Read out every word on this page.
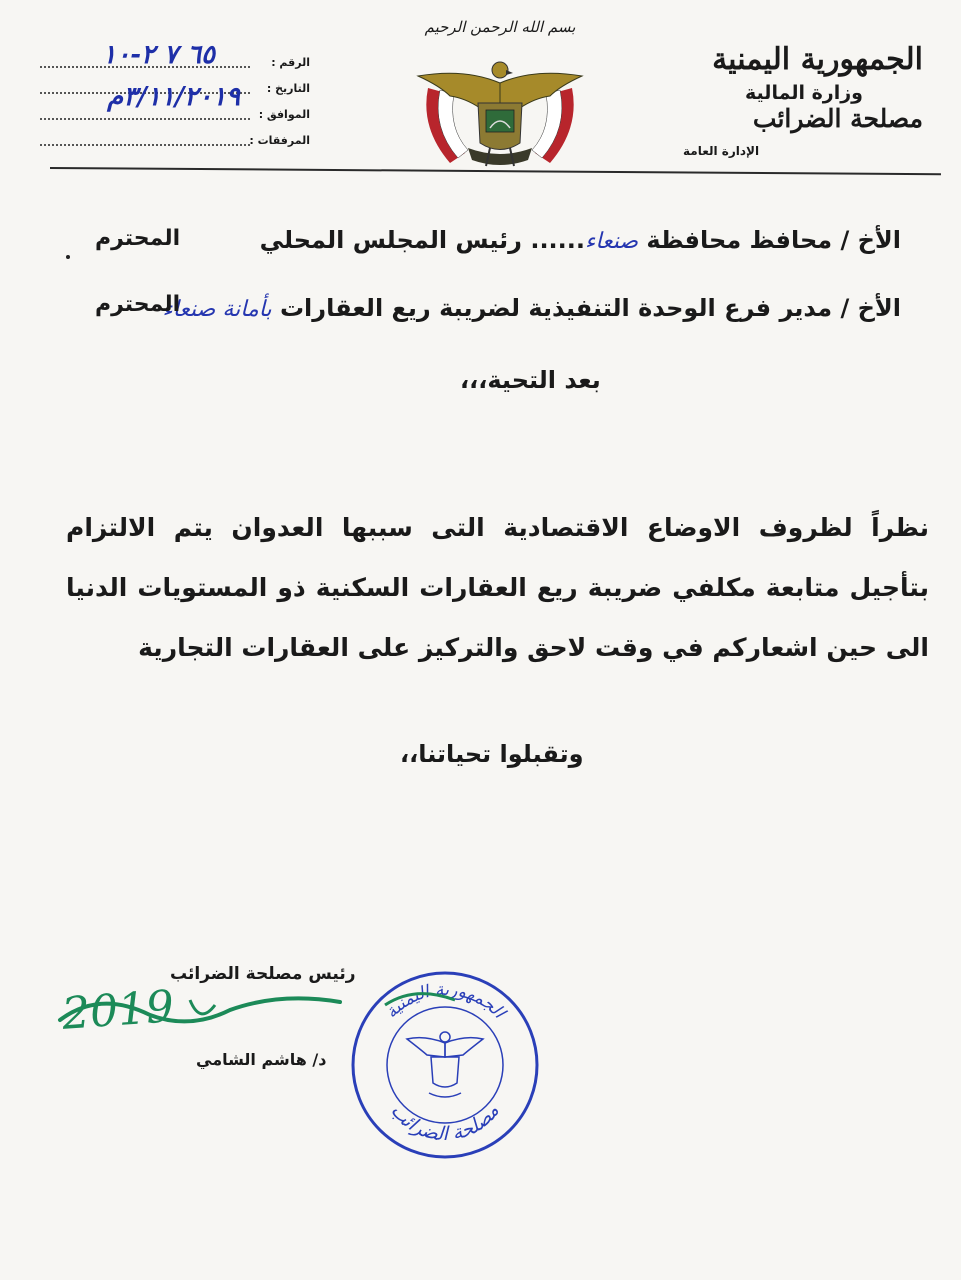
الجمهورية اليمنية
وزارة المالية
مصلحة الضرائب
الإدارة العامة
بسم الله الرحمن الرحيم
الرقم :
٦٥ ٧ ٢-١٠
التاريخ :
الموافق :
٣/١١/٢٠١٩م
المرفقات :
الأخ / محافظ محافظة صنعاء...... رئيس المجلس المحلي
المحترم
الأخ / مدير فرع الوحدة التنفيذية لضريبة ريع العقارات بأمانة صنعاء
المحترم
بعد التحية،،،
نظراً لظروف الاوضاع الاقتصادية التى سببها العدوان يتم الالتزام بتأجيل متابعة مكلفي ضريبة ريع العقارات السكنية ذو المستويات الدنيا الى حين اشعاركم في وقت لاحق والتركيز على العقارات التجارية
وتقبلوا تحياتنا،،
رئيس مصلحة الضرائب
2019
د/ هاشم الشامي
الجمهورية اليمنية
مصلحة الضرائب
